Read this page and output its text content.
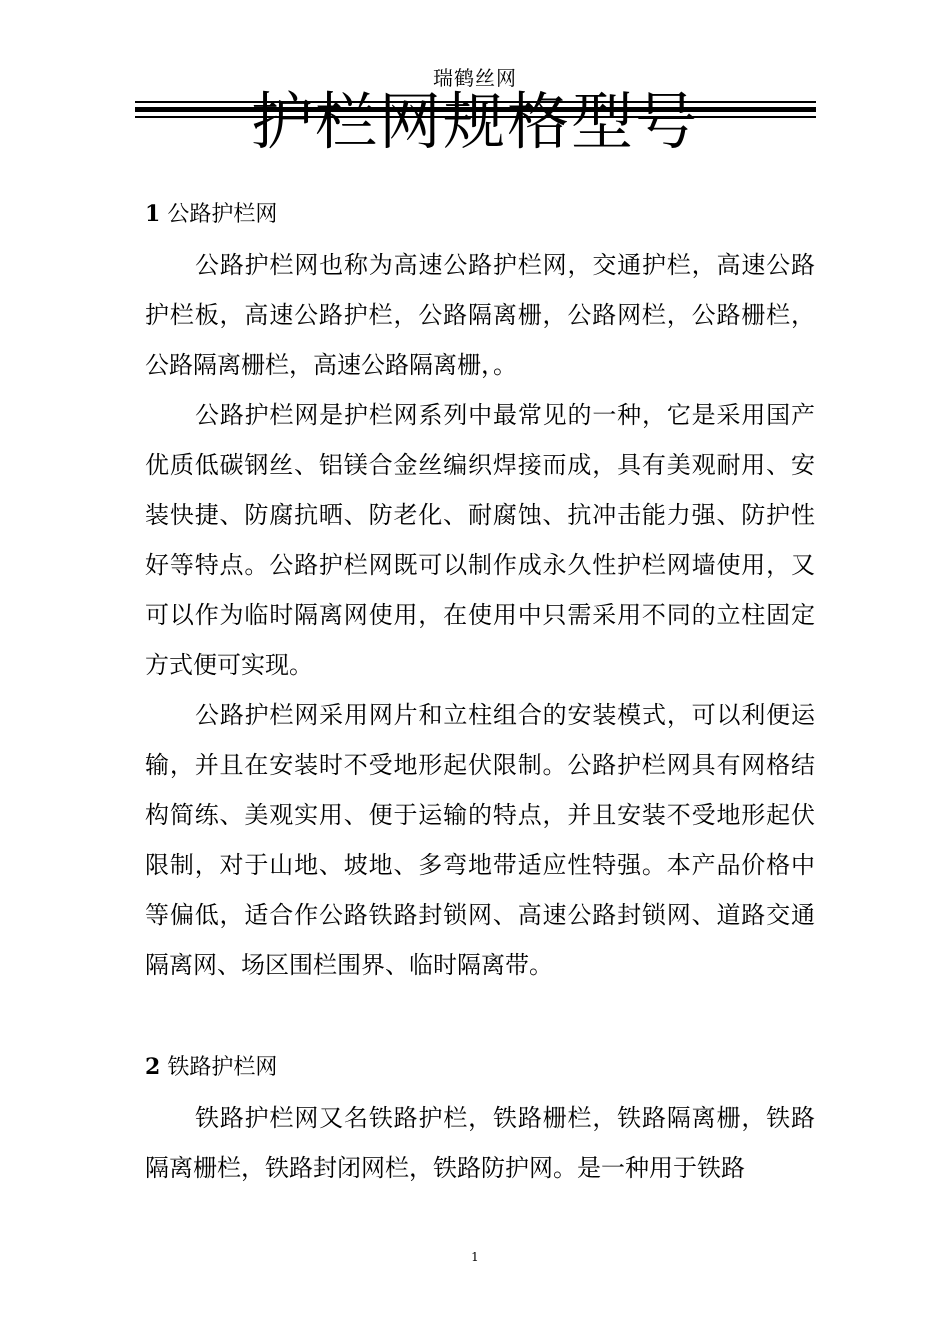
瑞鹤丝网
护栏网规格型号

1 公路护栏网

公路护栏网也称为高速公路护栏网，交通护栏，高速公路护栏板，高速公路护栏，公路隔离栅，公路网栏，公路栅栏，公路隔离栅栏，高速公路隔离栅，。

公路护栏网是护栏网系列中最常见的一种，它是采用国产优质低碳钢丝、铝镁合金丝编织焊接而成，具有美观耐用、安装快捷、防腐抗晒、防老化、耐腐蚀、抗冲击能力强、防护性好等特点。公路护栏网既可以制作成永久性护栏网墙使用，又可以作为临时隔离网使用，在使用中只需采用不同的立柱固定方式便可实现。

公路护栏网采用网片和立柱组合的安装模式，可以利便运输，并且在安装时不受地形起伏限制。公路护栏网具有网格结构简练、美观实用、便于运输的特点，并且安装不受地形起伏限制，对于山地、坡地、多弯地带适应性特强。本产品价格中等偏低，适合作公路铁路封锁网、高速公路封锁网、道路交通隔离网、场区围栏围界、临时隔离带。

2 铁路护栏网

铁路护栏网又名铁路护栏，铁路栅栏，铁路隔离栅，铁路隔离栅栏，铁路封闭网栏，铁路防护网。是一种用于铁路

1
